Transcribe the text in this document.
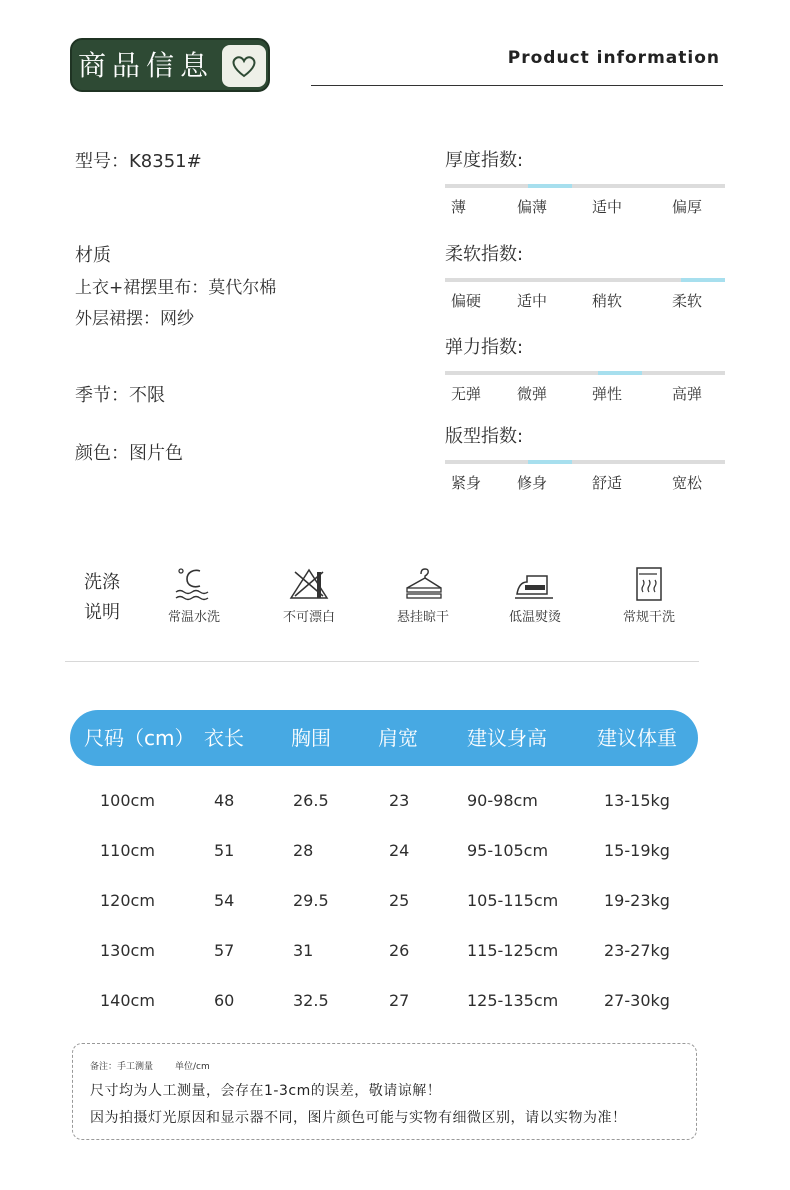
商品信息	Product information
型号：K8351#
材质
上衣+裙摆里布：莫代尔棉
外层裙摆：网纱
季节：不限
颜色：图片色
厚度指数:
薄	偏薄	适中	偏厚
柔软指数:
偏硬 适中	稍软	柔软
弹力指数:
无弹 微弹	弹性	高弹
版型指数:
紧身 修身	舒适	宽松
洗涤
说明	常温水洗	不可漂白	悬挂晾干	低温熨烫	常规干洗
尺码（cm） 衣长 胸围 肩宽 建议身高	建议体重
100cm	48	26.5	23	90-98cm	13-15kg
110cm	51	28	24	95-105cm	15-19kg
120cm	54	29.5	25	105-115cm	19-23kg
130cm	57	31	26	115-125cm	23-27kg
140cm	60	32.5	27	125-135cm	27-30kg
备注：手工测量 单位/cm
尺寸均为人工测量，会存在1-3cm的误差，敬请谅解！
因为拍摄灯光原因和显示器不同，图片颜色可能与实物有细微区别，请以实物为准！
